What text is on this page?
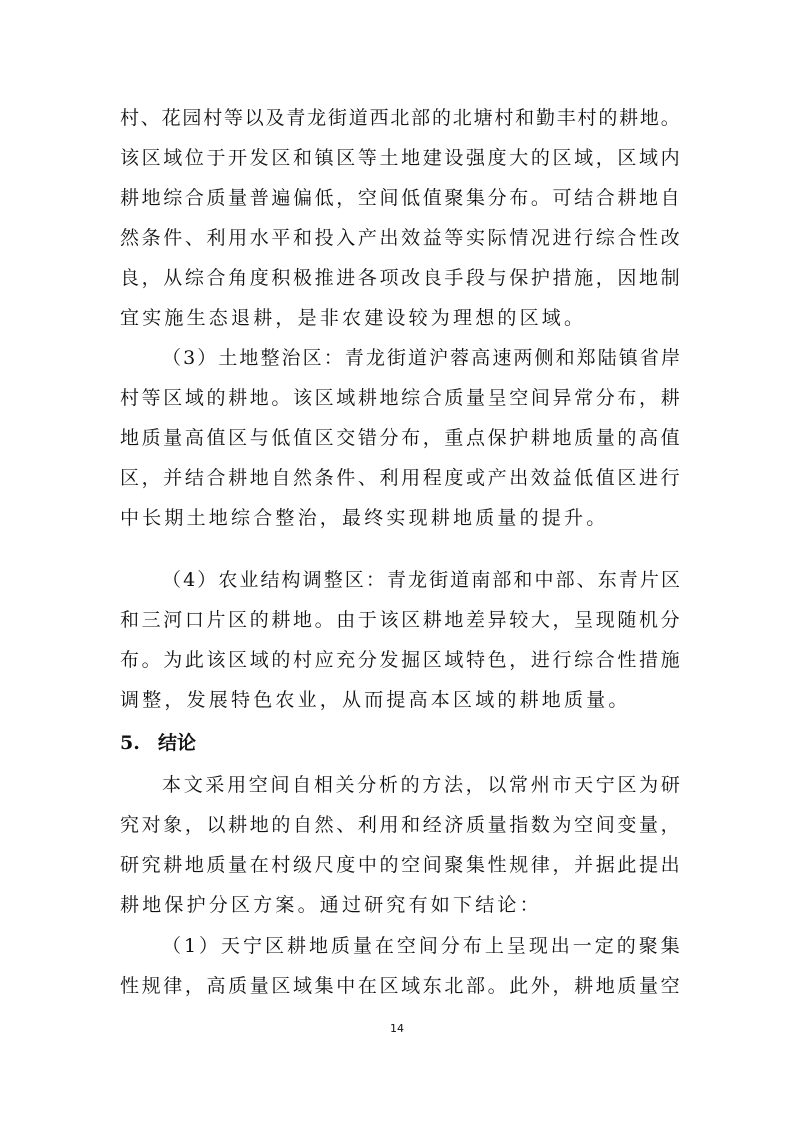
村 、 花 园 村 等 以 及 青 龙 街 道 西 北 部 的 北 塘 村 和 勤 丰 村 的 耕 地 。
该 区 域 位 于 开 发 区 和 镇 区 等 土 地 建 设 强 度 大 的 区 域 ， 区 域 内
耕 地 综 合 质 量 普 遍 偏 低 ， 空 间 低 值 聚 集 分 布 。 可 结 合 耕 地 自
然 条 件 、 利 用 水 平 和 投 入 产 出 效 益 等 实 际 情 况 进 行 综 合 性 改
良 ， 从 综 合 角 度 积 极 推 进 各 项 改 良 手 段 与 保 护 措 施 ， 因 地 制
宜实施生态退耕，是非农建设较为理想的区域。
（ 3 ） 土 地 整 治 区 ： 青 龙 街 道 沪 蓉 高 速 两 侧 和 郑 陆 镇 省 岸
村 等 区 域 的 耕 地 。 该 区 域 耕 地 综 合 质 量 呈 空 间 异 常 分 布 ， 耕
地 质 量 高 值 区 与 低 值 区 交 错 分 布 ， 重 点 保 护 耕 地 质 量 的 高 值
区 ， 并 结 合 耕 地 自 然 条 件 、 利 用 程 度 或 产 出 效 益 低 值 区 进 行
中长期土地综合整治，最终实现耕地质量的提升。
（ 4 ） 农 业 结 构 调 整 区 ： 青 龙 街 道 南 部 和 中 部 、 东 青 片 区
和 三 河 口 片 区 的 耕 地 。 由 于 该 区 耕 地 差 异 较 大 ， 呈 现 随 机 分
布 。 为 此 该 区 域 的 村 应 充 分 发 掘 区 域 特 色 ， 进 行 综 合 性 措 施
调整，发展特色农业，从而提高本区域的耕地质量。
5. 结论
本 文 采 用 空 间 自 相 关 分 析 的 方 法 ， 以 常 州 市 天 宁 区 为 研
究 对 象 ， 以 耕 地 的 自 然 、 利 用 和 经 济 质 量 指 数 为 空 间 变 量 ，
研 究 耕 地 质 量 在 村 级 尺 度 中 的 空 间 聚 集 性 规 律 ， 并 据 此 提 出
耕地保护分区方案。通过研究有如下结论：
（ 1 ） 天 宁 区 耕 地 质 量 在 空 间 分 布 上 呈 现 出 一 定 的 聚 集
性 规 律 ， 高 质 量 区 域 集 中 在 区 域 东 北 部 。 此 外 ， 耕 地 质 量 空
14
